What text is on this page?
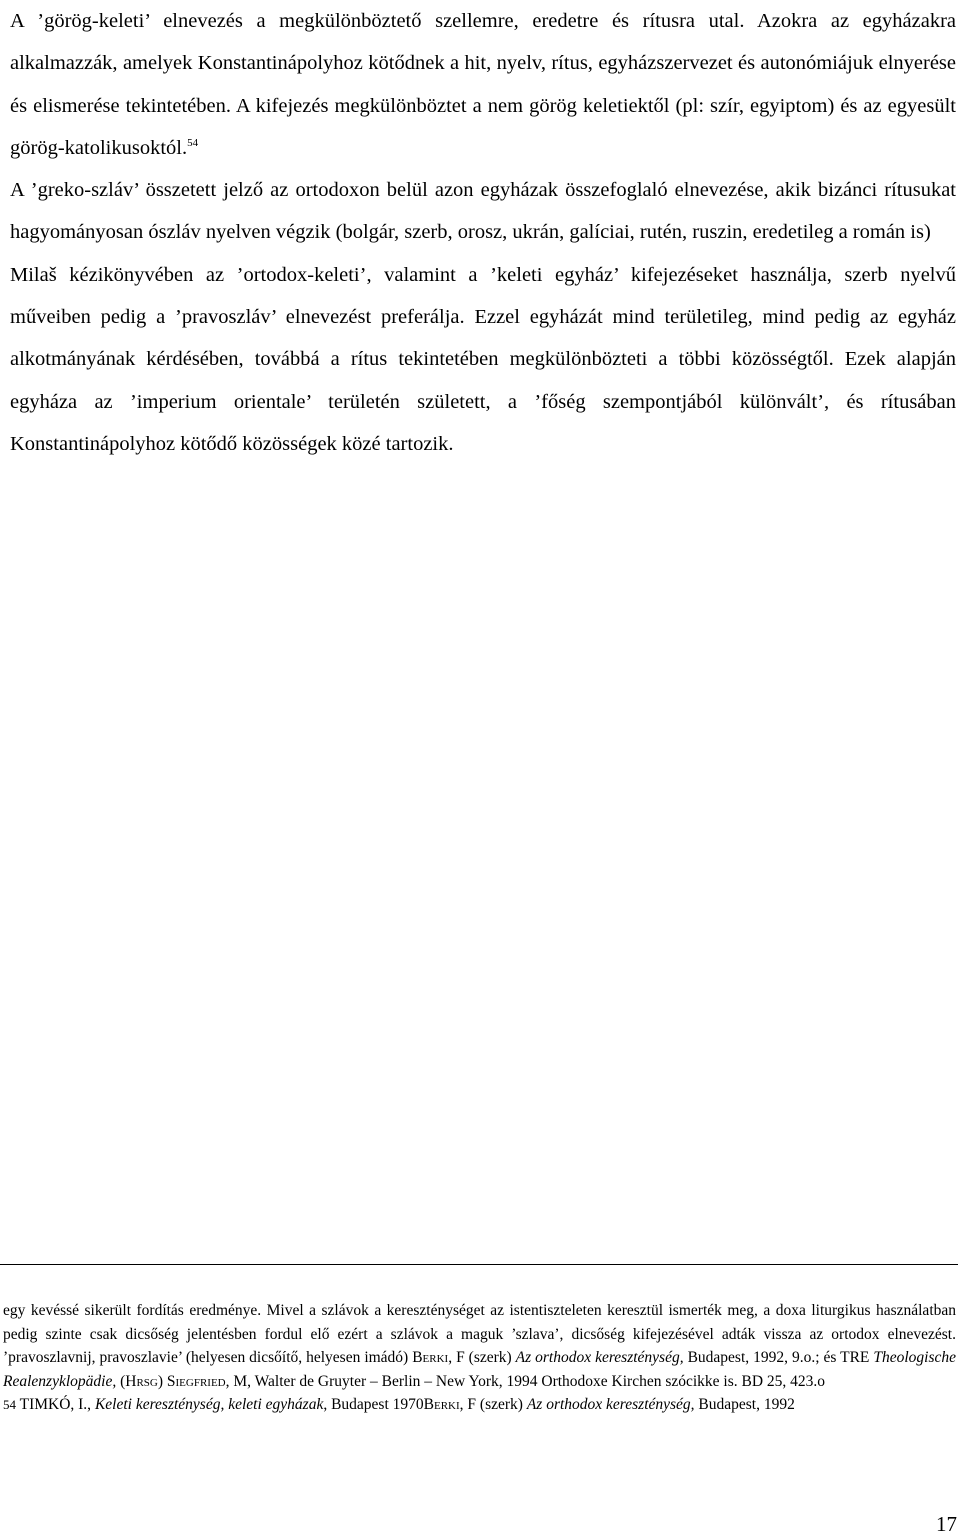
A ’görög-keleti’ elnevezés a megkülönböztető szellemre, eredetre és rítusra utal. Azokra az egyházakra alkalmazzák, amelyek Konstantinápolyhoz kötődnek a hit, nyelv, rítus, egyházszervezet és autonómiájuk elnyerése és elismerése tekintetében. A kifejezés megkülönböztet a nem görög keletiektől (pl: szír, egyiptom) és az egyesült görög-katolikusoktól.$^{54}$

A ’greko-szláv’ összetett jelző az ortodoxon belül azon egyházak összefoglaló elnevezése, akik bizánci rítusukat hagyományosan ószláv nyelven végzik (bolgár, szerb, orosz, ukrán, galíciai, rutén, ruszin, eredetileg a román is)

Milaš kézikönyvében az ’ortodox-keleti’, valamint a ’keleti egyház’ kifejezéseket használja, szerb nyelvű műveiben pedig a ’pravoszláv’ elnevezést preferálja. Ezzel egyházát mind területileg, mind pedig az egyház alkotmányának kérdésében, továbbá a rítus tekintetében megkülönbözteti a többi közösségtől. Ezek alapján egyháza az ’imperium orientale’ területén született, a ’főség szempontjából különvált’, és rítusában Konstantinápolyhoz kötődő közösségek közé tartozik.

egy kevéssé sikerült fordítás eredménye. Mivel a szlávok a kereszténységet az istentiszteleten keresztül ismerték meg, a doxa liturgikus használatban pedig szinte csak dicsőség jelentésben fordul elő ezért a szlávok a maguk ’szlava’, dicsőség kifejezésével adták vissza az ortodox elnevezést. ’pravoszlavnij, pravoszlavie’ (helyesen dicsőítő, helyesen imádó) Berki, F (szerk) Az orthodox kereszténység, Budapest, 1992, 9.o.; és TRE Theologische Realenzyklopädie, (Hrsg) Siegfried, M, Walter de Gruyter – Berlin – New York, 1994 Orthodoxe Kirchen szócikke is. BD 25, 423.o

54 TIMKÓ, I., Keleti kereszténység, keleti egyházak, Budapest 1970Berki, F (szerk) Az orthodox kereszténység, Budapest, 1992

17
